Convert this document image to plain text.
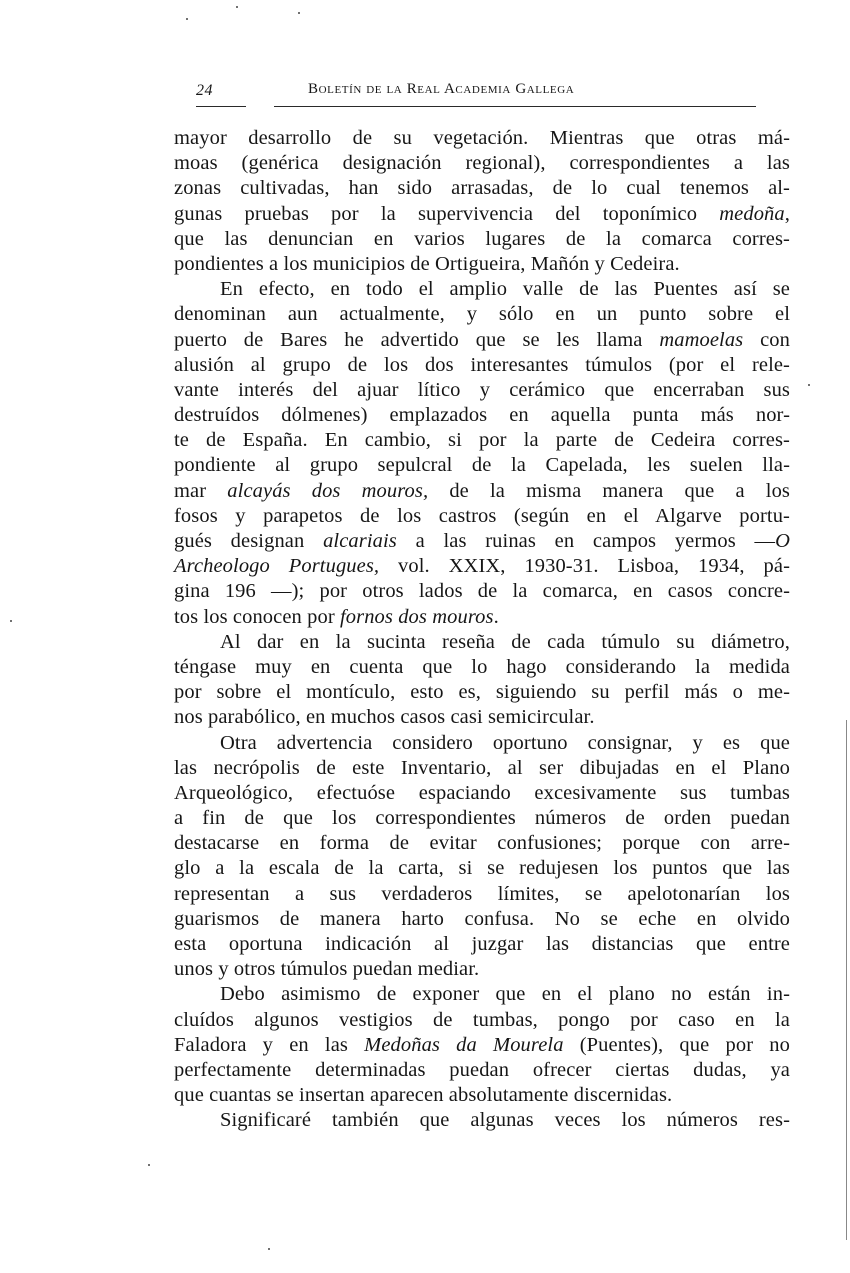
24	Boletín de la Real Academia Gallega
mayor desarrollo de su vegetación. Mientras que otras má-
moas (genérica designación regional), correspondientes a las
zonas cultivadas, han sido arrasadas, de lo cual tenemos al-
gunas pruebas por la supervivencia del toponímico medoña,
que las denuncian en varios lugares de la comarca corres-
pondientes a los municipios de Ortigueira, Mañón y Cedeira.
En efecto, en todo el amplio valle de las Puentes así se
denominan aun actualmente, y sólo en un punto sobre el
puerto de Bares he advertido que se les llama mamoelas con
alusión al grupo de los dos interesantes túmulos (por el rele-
vante interés del ajuar lítico y cerámico que encerraban sus
destruídos dólmenes) emplazados en aquella punta más nor-
te de España. En cambio, si por la parte de Cedeira corres-
pondiente al grupo sepulcral de la Capelada, les suelen lla-
mar alcayás dos mouros, de la misma manera que a los
fosos y parapetos de los castros (según en el Algarve portu-
gués designan alcariais a las ruinas en campos yermos —O
Archeologo Portugues, vol. XXIX, 1930-31. Lisboa, 1934, pá-
gina 196 —); por otros lados de la comarca, en casos concre-
tos los conocen por fornos dos mouros.
Al dar en la sucinta reseña de cada túmulo su diámetro,
téngase muy en cuenta que lo hago considerando la medida
por sobre el montículo, esto es, siguiendo su perfil más o me-
nos parabólico, en muchos casos casi semicircular.
Otra advertencia considero oportuno consignar, y es que
las necrópolis de este Inventario, al ser dibujadas en el Plano
Arqueológico, efectuóse espaciando excesivamente sus tumbas
a fin de que los correspondientes números de orden puedan
destacarse en forma de evitar confusiones; porque con arre-
glo a la escala de la carta, si se redujesen los puntos que las
representan a sus verdaderos límites, se apelotonarían los
guarismos de manera harto confusa. No se eche en olvido
esta oportuna indicación al juzgar las distancias que entre
unos y otros túmulos puedan mediar.
Debo asimismo de exponer que en el plano no están in-
cluídos algunos vestigios de tumbas, pongo por caso en la
Faladora y en las Medoñas da Mourela (Puentes), que por no
perfectamente determinadas puedan ofrecer ciertas dudas, ya
que cuantas se insertan aparecen absolutamente discernidas.
Significaré también que algunas veces los números res-
